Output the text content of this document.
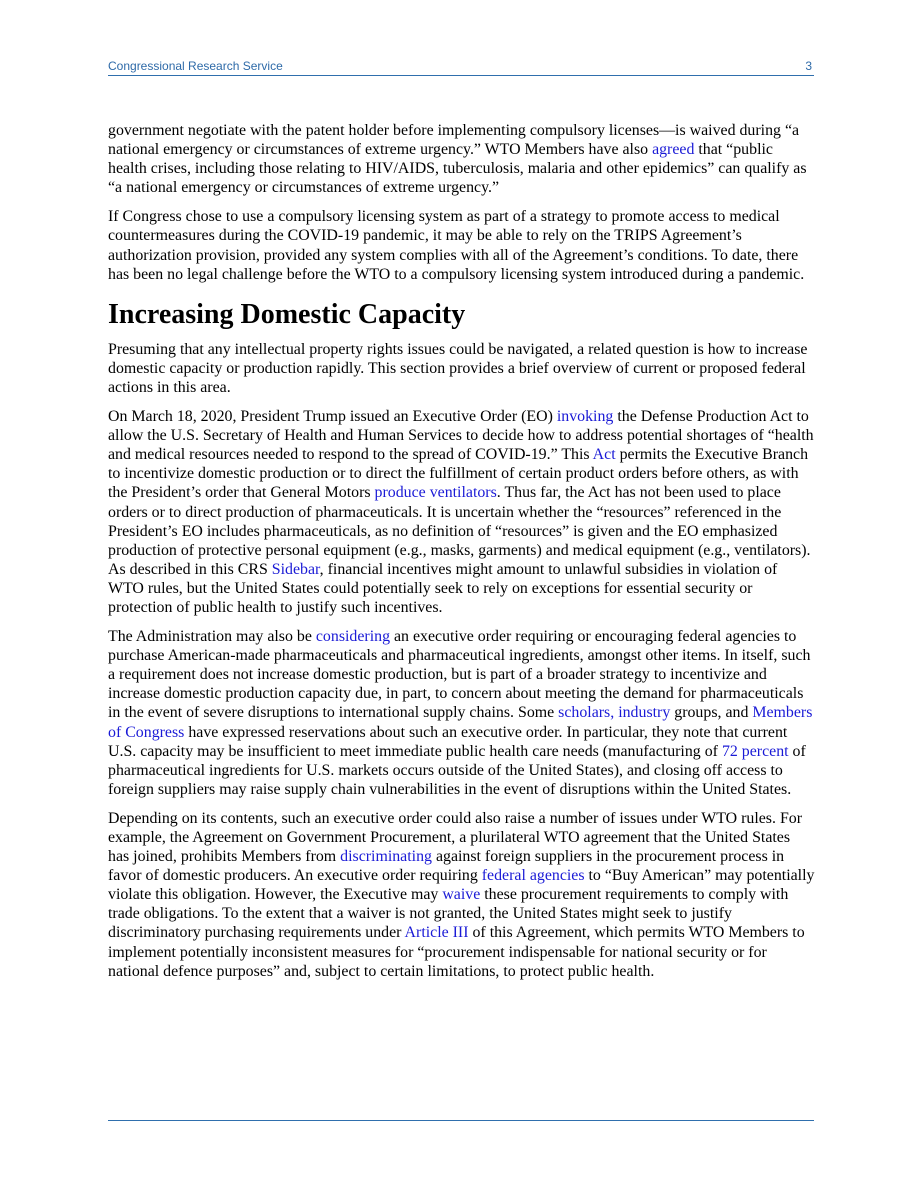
Congressional Research Service	3

government negotiate with the patent holder before implementing compulsory licenses—is waived during “a national emergency or circumstances of extreme urgency.” WTO Members have also agreed that “public health crises, including those relating to HIV/AIDS, tuberculosis, malaria and other epidemics” can qualify as “a national emergency or circumstances of extreme urgency.”

If Congress chose to use a compulsory licensing system as part of a strategy to promote access to medical countermeasures during the COVID-19 pandemic, it may be able to rely on the TRIPS Agreement’s authorization provision, provided any system complies with all of the Agreement’s conditions. To date, there has been no legal challenge before the WTO to a compulsory licensing system introduced during a pandemic.

Increasing Domestic Capacity

Presuming that any intellectual property rights issues could be navigated, a related question is how to increase domestic capacity or production rapidly. This section provides a brief overview of current or proposed federal actions in this area.

On March 18, 2020, President Trump issued an Executive Order (EO) invoking the Defense Production Act to allow the U.S. Secretary of Health and Human Services to decide how to address potential shortages of “health and medical resources needed to respond to the spread of COVID-19.” This Act permits the Executive Branch to incentivize domestic production or to direct the fulfillment of certain product orders before others, as with the President’s order that General Motors produce ventilators. Thus far, the Act has not been used to place orders or to direct production of pharmaceuticals. It is uncertain whether the “resources” referenced in the President’s EO includes pharmaceuticals, as no definition of “resources” is given and the EO emphasized production of protective personal equipment (e.g., masks, garments) and medical equipment (e.g., ventilators). As described in this CRS Sidebar, financial incentives might amount to unlawful subsidies in violation of WTO rules, but the United States could potentially seek to rely on exceptions for essential security or protection of public health to justify such incentives.

The Administration may also be considering an executive order requiring or encouraging federal agencies to purchase American-made pharmaceuticals and pharmaceutical ingredients, amongst other items. In itself, such a requirement does not increase domestic production, but is part of a broader strategy to incentivize and increase domestic production capacity due, in part, to concern about meeting the demand for pharmaceuticals in the event of severe disruptions to international supply chains. Some scholars, industry groups, and Members of Congress have expressed reservations about such an executive order. In particular, they note that current U.S. capacity may be insufficient to meet immediate public health care needs (manufacturing of 72 percent of pharmaceutical ingredients for U.S. markets occurs outside of the United States), and closing off access to foreign suppliers may raise supply chain vulnerabilities in the event of disruptions within the United States.

Depending on its contents, such an executive order could also raise a number of issues under WTO rules. For example, the Agreement on Government Procurement, a plurilateral WTO agreement that the United States has joined, prohibits Members from discriminating against foreign suppliers in the procurement process in favor of domestic producers. An executive order requiring federal agencies to “Buy American” may potentially violate this obligation. However, the Executive may waive these procurement requirements to comply with trade obligations. To the extent that a waiver is not granted, the United States might seek to justify discriminatory purchasing requirements under Article III of this Agreement, which permits WTO Members to implement potentially inconsistent measures for “procurement indispensable for national security or for national defence purposes” and, subject to certain limitations, to protect public health.
